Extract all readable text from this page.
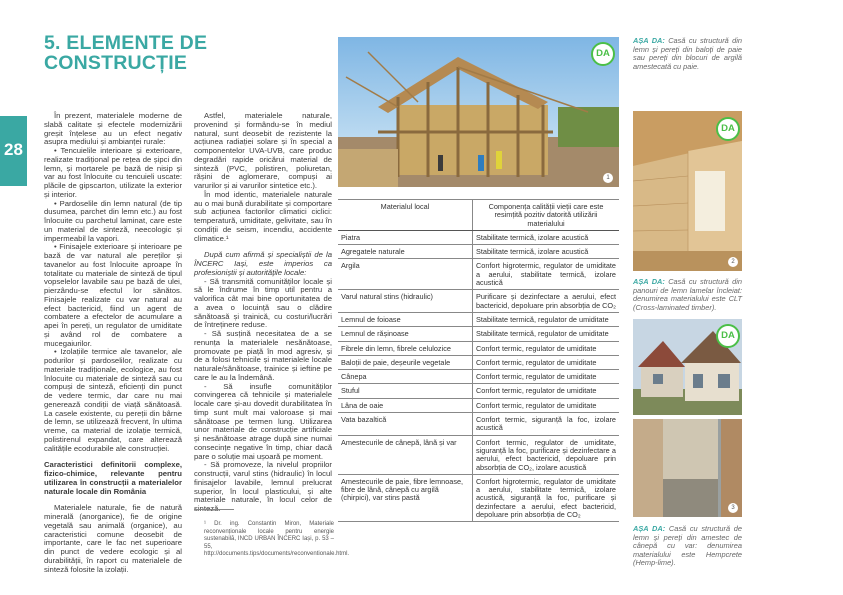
28
5. ELEMENTE DE CONSTRUCȚIE

În prezent, materialele moderne de slabă calitate și efectele modernizării greșit înțelese au un efect negativ asupra mediului și ambianței rurale:

• Tencuielile interioare și exterioare, realizate tradițional pe rețea de șipci din lemn, și mortarele pe bază de nisip și var au fost înlocuite cu tencuieli uscate: plăcile de gipscarton, utilizate la exterior și interior.

• Pardoselile din lemn natural (de tip dusumea, parchet din lemn etc.) au fost înlocuite cu parchetul laminat, care este un material de sinteză, neecologic și impermeabil la vapori.

• Finisajele exterioare și interioare pe bază de var natural ale pereților și tavanelor au fost înlocuite aproape în totalitate cu materiale de sinteză de tipul vopselelor lavabile sau pe bază de ulei, pierzându-se efectul lor sănătos. Finisajele realizate cu var natural au efect bactericid, fiind un agent de combatere a efectelor de acumulare a apei în pereți, un regulator de umiditate și având rol de combatere a mucegaiurilor.

• Izolațiile termice ale tavanelor, ale podurilor și pardoselilor, realizate cu materiale tradiționale, ecologice, au fost înlocuite cu materiale de sinteză sau cu compuși de sinteză, eficienți din punct de vedere termic, dar care nu mai generează condiții de viață sănătoasă. La casele existente, cu pereții din bârne de lemn, se utilizează frecvent, în ultima vreme, ca material de izolație termică, polistirenul expandat, care alterează calitățile ecodurabile ale construcției.

Caracteristici definitorii complexe, fizico-chimice, relevante pentru utilizarea în construcții a materialelor naturale locale din România

Materialele naturale, fie de natură minerală (anorganice), fie de origine vegetală sau animală (organice), au caracteristici comune deosebit de importante, care le fac net superioare din punct de vedere ecologic și al durabilității, în raport cu materialele de sinteză folosite la izolații.

Astfel, materialele naturale, provenind și formându-se în mediul natural, sunt deosebit de rezistente la acțiunea radiației solare și în special a componentelor UVA-UVB, care produc degradări rapide oricărui material de sinteză (PVC, polistiren, poliuretan, rășini de aglomerare, compuși ai varurilor și ai varurilor sintetice etc.).

În mod identic, materialele naturale au o mai bună durabilitate și comportare sub acțiunea factorilor climatici ciclici: temperatură, umiditate, gelivitate, sau în condiții de seism, incendiu, accidente climatice.¹

După cum afirmă și specialiștii de la ÎNCERC Iași, este imperios ca profesioniștii și autoritățile locale:

- Să transmită comunităților locale și să le îndrume în timp util pentru a valorifica cât mai bine oportunitatea de a avea o locuință sau o clădire sănătoasă și trainică, cu costuri/lucrări de întreținere reduse.

- Să susțină necesitatea de a se renunța la materialele nesănătoase, promovate pe piață în mod agresiv, și de a folosi tehnicile și materialele locale naturale/sănătoase, trainice și ieftine pe care le au la îndemână.

- Să insufle comunităților convingerea că tehnicile și materialele locale care și-au dovedit durabilitatea în timp sunt mult mai valoroase și mai sănătoase pe termen lung. Utilizarea unor materiale de construcție artificiale și nesănătoase atrage după sine numai consecințe negative în timp, chiar dacă pare o soluție mai ușoară pe moment.

- Să promoveze, la nivelul propriilor construcții, varul stins (hidraulic) în locul finisajelor lavabile, lemnul prelucrat superior, în locul plasticului, și alte materiale naturale, în locul celor de sinteză.

¹ Dr. ing. Constantin Miron, Materiale reconvenționale locale pentru energie sustenabilă, INCD URBAN ÎNCERC Iași, p. 53 – 55, http://documents.tips/documents/reconventionale.html.
DA
1
AȘA DA: Casă cu structură din lemn și pereți din baloți de paie sau pereți din blocuri de argilă amestecată cu paie.
DA
2
AȘA DA: Casă cu structură din panouri de lemn lamelar încleiat: denumirea materialului este CLT (Cross-laminated timber).
DA
3
AȘA DA: Casă cu structură de lemn și pereți din amestec de cânepă cu var: denumirea materialului este Hempcrete (Hemp-lime).
Materialul local	Componența calității vieții care este resimțită pozitiv datorită utilizării materialului
Piatra	Stabilitate termică, izolare acustică
Agregatele naturale	Stabilitate termică, izolare acustică
Argila	Confort higrotermic, regulator de umiditate a aerului, stabilitate termică, izolare acustică
Varul natural stins (hidraulic)	Purificare și dezinfectare a aerului, efect bactericid, depoluare prin absorbția de CO₂
Lemnul de foioase	Stabilitate termică, regulator de umiditate
Lemnul de rășinoase	Stabilitate termică, regulator de umiditate
Fibrele din lemn, fibrele celulozice	Confort termic, regulator de umiditate
Baloții de paie, deșeurile vegetale	Confort termic, regulator de umiditate
Cânepa	Confort termic, regulator de umiditate
Stuful	Confort termic, regulator de umiditate
Lâna de oaie	Confort termic, regulator de umiditate
Vata bazaltică	Confort termic, siguranță la foc, izolare acustică
Amestecurile de cânepă, lână și var	Confort termic, regulator de umiditate, siguranță la foc, purificare și dezinfectare a aerului, efect bactericid, depoluare prin absorbția de CO₂, izolare acustică
Amestecurile de paie, fibre lemnoase, fibre de lână, cânepă cu argilă (chirpici), var stins pastă	Confort higrotermic, regulator de umiditate a aerului, stabilitate termică, izolare acustică, siguranță la foc, purificare și dezinfectare a aerului, efect bactericid, depoluare prin absorbția de CO₂
